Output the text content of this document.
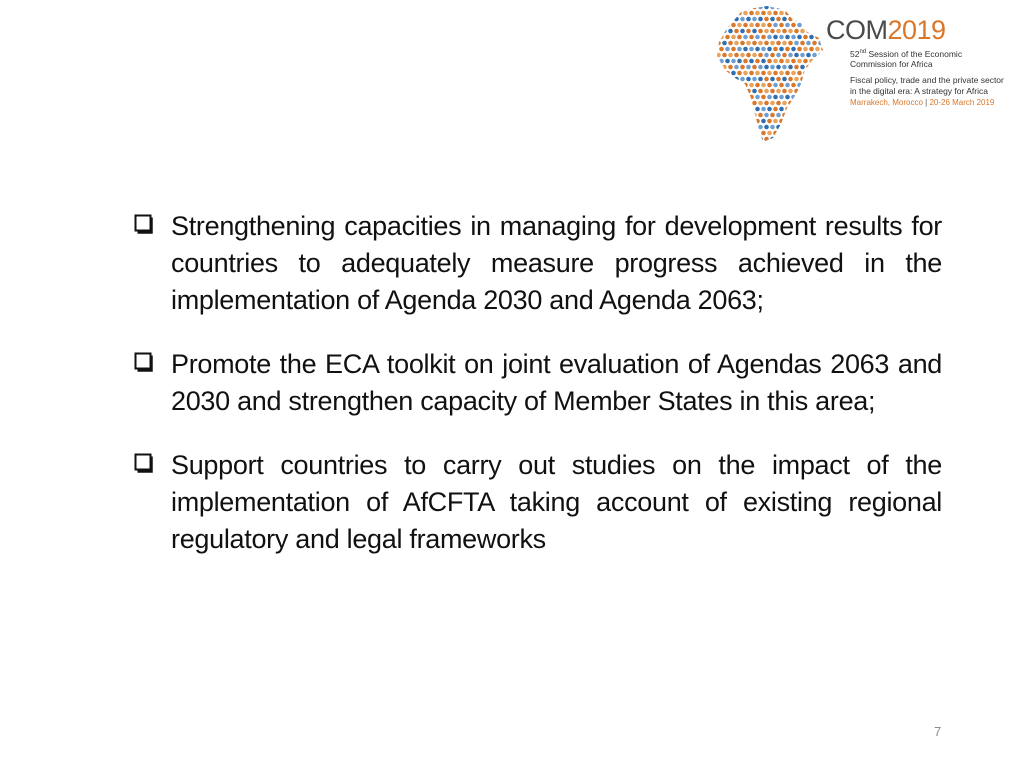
COM2019
52nd Session of the Economic
Commission for Africa
Fiscal policy, trade and the private sector
in the digital era: A strategy for Africa
Marrakech, Morocco | 20-26 March 2019
Strengthening capacities in managing for development results for countries to adequately measure progress achieved in the implementation of Agenda 2030 and Agenda 2063;
Promote the ECA toolkit on joint evaluation of Agendas 2063 and 2030 and strengthen capacity of Member States in this area;
Support countries to carry out studies on the impact of the implementation of AfCFTA taking account of existing regional regulatory and legal frameworks
7
